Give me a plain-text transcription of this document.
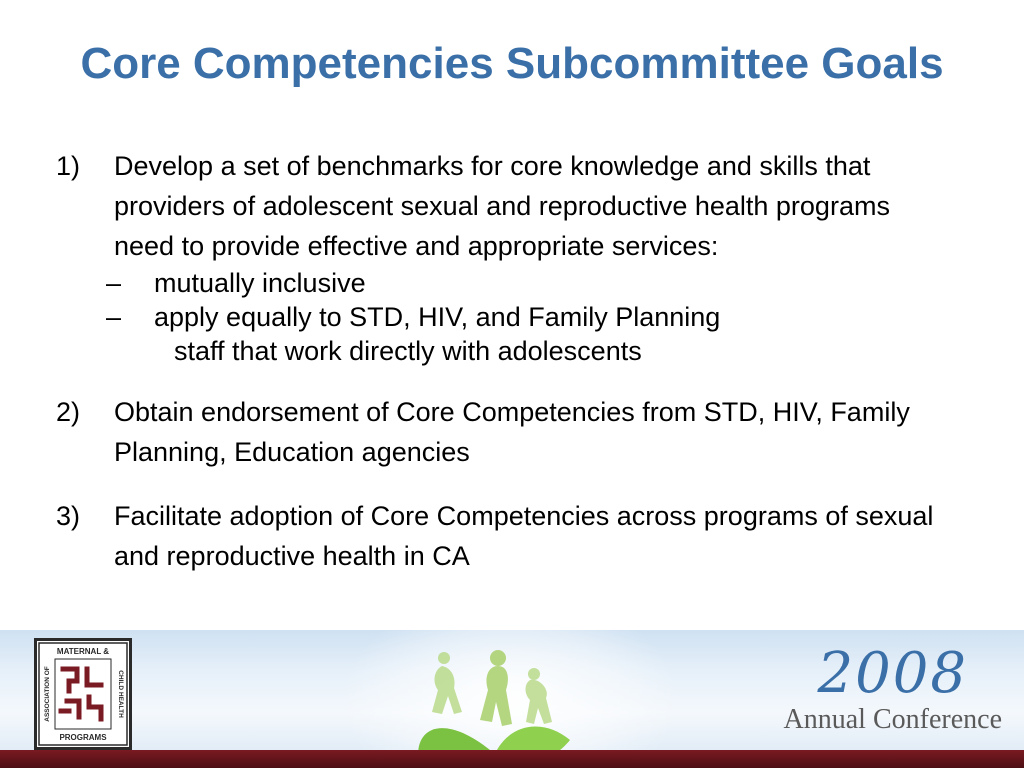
Core Competencies Subcommittee Goals
1)	Develop a set of benchmarks for core knowledge and skills that providers of adolescent sexual and reproductive health programs need to provide effective and appropriate services:
–	mutually inclusive
–	apply equally to STD, HIV, and Family Planning
staff that work directly with adolescents
2)	Obtain endorsement of Core Competencies from STD, HIV, Family Planning, Education agencies
3)	Facilitate adoption of Core Competencies across programs of sexual and reproductive health in CA
MATERNAL &
PROGRAMS
ASSOCIATION OF	CHILD HEALTH	2008
Annual Conference
